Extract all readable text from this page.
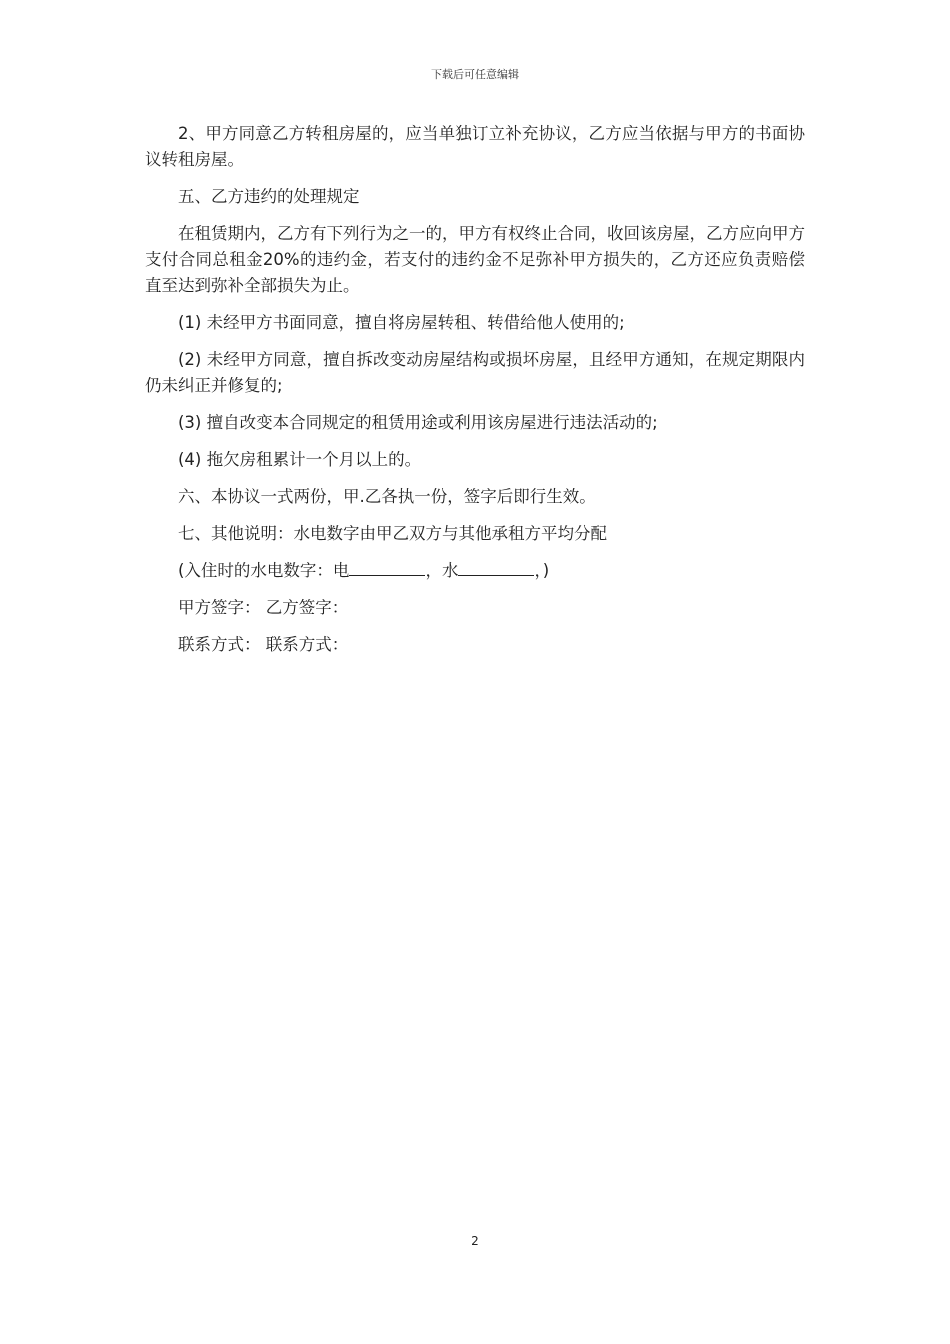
下载后可任意编辑

2、甲方同意乙方转租房屋的，应当单独订立补充协议，乙方应当依据与甲方的书面协议转租房屋。

五、乙方违约的处理规定

在租赁期内，乙方有下列行为之一的，甲方有权终止合同，收回该房屋，乙方应向甲方支付合同总租金20%的违约金，若支付的违约金不足弥补甲方损失的，乙方还应负责赔偿直至达到弥补全部损失为止。

(1) 未经甲方书面同意，擅自将房屋转租、转借给他人使用的;

(2) 未经甲方同意，擅自拆改变动房屋结构或损坏房屋，且经甲方通知，在规定期限内仍未纠正并修复的;

(3) 擅自改变本合同规定的租赁用途或利用该房屋进行违法活动的;

(4) 拖欠房租累计一个月以上的。

六、本协议一式两份，甲.乙各执一份，签字后即行生效。

七、其他说明：水电数字由甲乙双方与其他承租方平均分配

(入住时的水电数字：电	，水	，)

甲方签字： 乙方签字：

联系方式： 联系方式：

2
